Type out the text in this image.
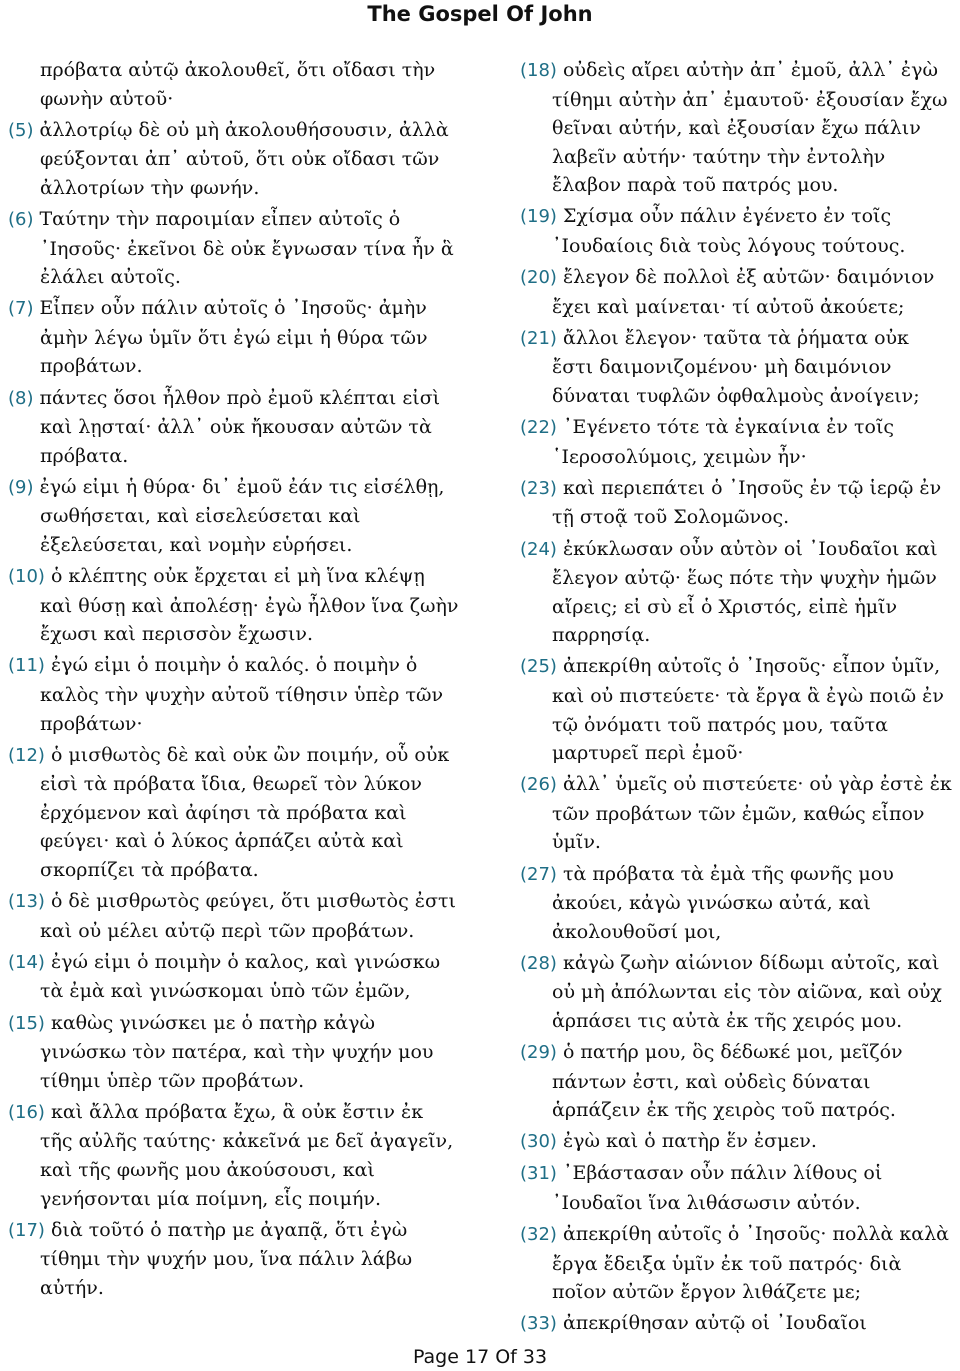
The Gospel Of John
πρόβατα αὐτῷ ἀκολουθεῖ, ὅτι οἴδασι τὴν φωνὴν αὐτοῦ·
(5) ἀλλοτρίῳ δὲ οὐ μὴ ἀκολουθήσουσιν, ἀλλὰ φεύξονται ἀπ᾽ αὐτοῦ, ὅτι οὐκ οἴδασι τῶν ἀλλοτρίων τὴν φωνήν.
(6) Ταύτην τὴν παροιμίαν εἶπεν αὐτοῖς ὁ ᾽Ιησοῦς· ἐκεῖνοι δὲ οὐκ ἔγνωσαν τίνα ἦν ἃ ἐλάλει αὐτοῖς.
(7) Εἶπεν οὖν πάλιν αὐτοῖς ὁ ᾽Ιησοῦς· ἀμὴν ἀμὴν λέγω ὑμῖν ὅτι ἐγώ εἰμι ἡ θύρα τῶν προβάτων.
(8) πάντες ὅσοι ἦλθον πρὸ ἐμοῦ κλέπται εἰσὶ καὶ λῃσταί· ἀλλ᾽ οὐκ ἤκουσαν αὐτῶν τὰ πρόβατα.
(9) ἐγώ εἰμι ἡ θύρα· δι᾽ ἐμοῦ ἐάν τις εἰσέλθῃ, σωθήσεται, καὶ εἰσελεύσεται καὶ ἐξελεύσεται, καὶ νομὴν εὑρήσει.
(10) ὁ κλέπτης οὐκ ἔρχεται εἰ μὴ ἵνα κλέψῃ καὶ θύσῃ καὶ ἀπολέσῃ· ἐγὼ ἦλθον ἵνα ζωὴν ἔχωσι καὶ περισσὸν ἔχωσιν.
(11) ἐγώ εἰμι ὁ ποιμὴν ὁ καλός. ὁ ποιμὴν ὁ καλὸς τὴν ψυχὴν αὐτοῦ τίθησιν ὑπὲρ τῶν προβάτων·
(12) ὁ μισθωτὸς δὲ καὶ οὐκ ὢν ποιμήν, οὗ οὐκ εἰσὶ τὰ πρόβατα ἴδια, θεωρεῖ τὸν λύκον ἐρχόμενον καὶ ἀφίησι τὰ πρόβατα καὶ φεύγει· καὶ ὁ λύκος ἁρπάζει αὐτὰ καὶ σκορπίζει τὰ πρόβατα.
(13) ὁ δὲ μισθρωτὸς φεύγει, ὅτι μισθωτὸς ἐστι καὶ οὐ μέλει αὐτῷ περὶ τῶν προβάτων.
(14) ἐγώ εἰμι ὁ ποιμὴν ὁ καλος, καὶ γινώσκω τὰ ἐμὰ καὶ γινώσκομαι ὑπὸ τῶν ἐμῶν,
(15) καθὼς γινώσκει με ὁ πατὴρ κἀγὼ γινώσκω τὸν πατέρα, καὶ τὴν ψυχήν μου τίθημι ὑπὲρ τῶν προβάτων.
(16) καὶ ἄλλα πρόβατα ἔχω, ἃ οὐκ ἔστιν ἐκ τῆς αὐλῆς ταύτης· κἀκεῖνά με δεῖ ἀγαγεῖν, καὶ τῆς φωνῆς μου ἀκούσουσι, καὶ γενήσονται μία ποίμνη, εἷς ποιμήν.
(17) διὰ τοῦτό ὁ πατὴρ με ἀγαπᾷ, ὅτι ἐγὼ τίθημι τὴν ψυχήν μου, ἵνα πάλιν λάβω αὐτήν.
(18) οὐδεὶς αἴρει αὐτὴν ἀπ᾽ ἐμοῦ, ἀλλ᾽ ἐγὼ τίθημι αὐτὴν ἀπ᾽ ἐμαυτοῦ· ἐξουσίαν ἔχω θεῖναι αὐτήν, καὶ ἐξουσίαν ἔχω πάλιν λαβεῖν αὐτήν· ταύτην τὴν ἐντολὴν ἔλαβον παρὰ τοῦ πατρός μου.
(19) Σχίσμα οὖν πάλιν ἐγένετο ἐν τοῖς ᾽Ιουδαίοις διὰ τοὺς λόγους τούτους.
(20) ἔλεγον δὲ πολλοὶ ἐξ αὐτῶν· δαιμόνιον ἔχει καὶ μαίνεται· τί αὐτοῦ ἀκούετε;
(21) ἄλλοι ἔλεγον· ταῦτα τὰ ῥήματα οὐκ ἔστι δαιμονιζομένου· μὴ δαιμόνιον δύναται τυφλῶν ὀφθαλμοὺς ἀνοίγειν;
(22) ᾽Εγένετο τότε τὰ ἐγκαίνια ἐν τοῖς ῾Ιεροσολύμοις, χειμὼν ἦν·
(23) καὶ περιεπάτει ὁ ᾽Ιησοῦς ἐν τῷ ἱερῷ ἐν τῇ στοᾷ τοῦ Σολομῶνος.
(24) ἐκύκλωσαν οὖν αὐτὸν οἱ ᾽Ιουδαῖοι καὶ ἔλεγον αὐτῷ· ἕως πότε τὴν ψυχὴν ἡμῶν αἴρεις; εἰ σὺ εἶ ὁ Χριστός, εἰπὲ ἡμῖν παρρησίᾳ.
(25) ἀπεκρίθη αὐτοῖς ὁ ᾽Ιησοῦς· εἶπον ὑμῖν, καὶ οὐ πιστεύετε· τὰ ἔργα ἃ ἐγὼ ποιῶ ἐν τῷ ὀνόματι τοῦ πατρός μου, ταῦτα μαρτυρεῖ περὶ ἐμοῦ·
(26) ἀλλ᾽ ὑμεῖς οὐ πιστεύετε· οὐ γὰρ ἐστὲ ἐκ τῶν προβάτων τῶν ἐμῶν, καθώς εἶπον ὑμῖν.
(27) τὰ πρόβατα τὰ ἐμὰ τῆς φωνῆς μου ἀκούει, κἀγὼ γινώσκω αὐτά, καὶ ἀκολουθοῦσί μοι,
(28) κἀγὼ ζωὴν αἰώνιον δίδωμι αὐτοῖς, καὶ οὐ μὴ ἀπόλωνται εἰς τὸν αἰῶνα, καὶ οὐχ ἁρπάσει τις αὐτὰ ἐκ τῆς χειρός μου.
(29) ὁ πατήρ μου, ὃς δέδωκέ μοι, μεῖζόν πάντων ἐστι, καὶ οὐδεὶς δύναται ἁρπάζειν ἐκ τῆς χειρὸς τοῦ πατρός.
(30) ἐγὼ καὶ ὁ πατὴρ ἕν ἐσμεν.
(31) ᾽Εβάστασαν οὖν πάλιν λίθους οἱ ᾽Ιουδαῖοι ἵνα λιθάσωσιν αὐτόν.
(32) ἀπεκρίθη αὐτοῖς ὁ ᾽Ιησοῦς· πολλὰ καλὰ ἔργα ἔδειξα ὑμῖν ἐκ τοῦ πατρός· διὰ ποῖον αὐτῶν ἔργον λιθάζετε με;
(33) ἀπεκρίθησαν αὐτῷ οἱ ᾽Ιουδαῖοι
Page 17 Of 33
